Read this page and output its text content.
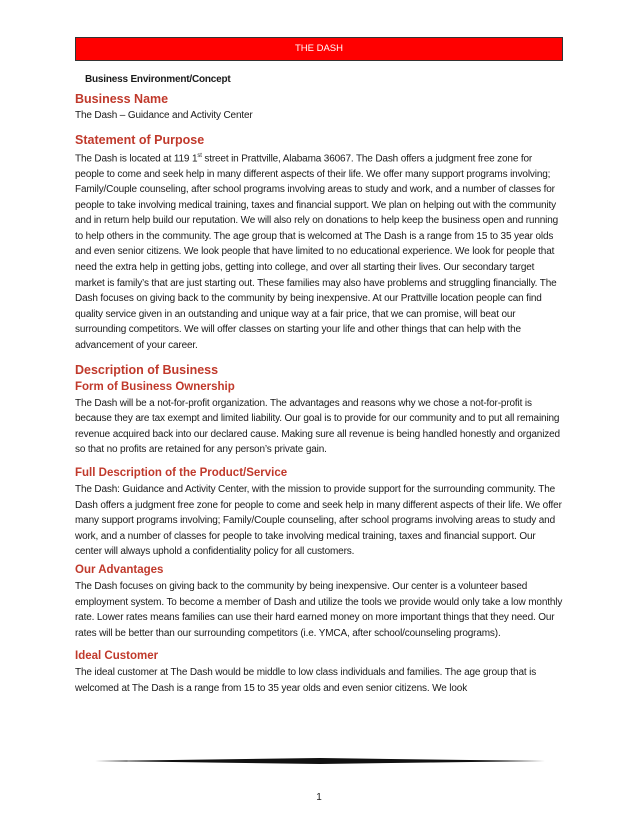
THE DASH
Business Environment/Concept
Business Name

The Dash – Guidance and Activity Center

Statement of Purpose

The Dash is located at 119 1st street in Prattville, Alabama 36067. The Dash offers a judgment free zone for people to come and seek help in many different aspects of their life. We offer many support programs involving; Family/Couple counseling, after school programs involving areas to study and work, and a number of classes for people to take involving medical training, taxes and financial support. We plan on helping out with the community and in return help build our reputation. We will also rely on donations to help keep the business open and running to help others in the community. The age group that is welcomed at The Dash is a range from 15 to 35 year olds and even senior citizens. We look people that have limited to no educational experience. We look for people that need the extra help in getting jobs, getting into college, and over all starting their lives. Our secondary target market is family’s that are just starting out. These families may also have problems and struggling financially. The Dash focuses on giving back to the community by being inexpensive. At our Prattville location people can find quality service given in an outstanding and unique way at a fair price, that we can promise, will beat our surrounding competitors. We will offer classes on starting your life and other things that can help with the advancement of your career.

Description of Business
Form of Business Ownership

The Dash will be a not-for-profit organization. The advantages and reasons why we chose a not-for-profit is because they are tax exempt and limited liability. Our goal is to provide for our community and to put all remaining revenue acquired back into our declared cause. Making sure all revenue is being handled honestly and organized so that no profits are retained for any person’s private gain.

Full Description of the Product/Service

The Dash: Guidance and Activity Center, with the mission to provide support for the surrounding community. The Dash offers a judgment free zone for people to come and seek help in many different aspects of their life. We offer many support programs involving; Family/Couple counseling, after school programs involving areas to study and work, and a number of classes for people to take involving medical training, taxes and financial support. Our center will always uphold a confidentiality policy for all customers.

Our Advantages

The Dash focuses on giving back to the community by being inexpensive. Our center is a volunteer based employment system. To become a member of Dash and utilize the tools we provide would only take a low monthly rate. Lower rates means families can use their hard earned money on more important things that they need. Our rates will be better than our surrounding competitors (i.e. YMCA, after school/counseling programs).

Ideal Customer

The ideal customer at The Dash would be middle to low class individuals and families. The age group that is welcomed at The Dash is a range from 15 to 35 year olds and even senior citizens. We look

1
